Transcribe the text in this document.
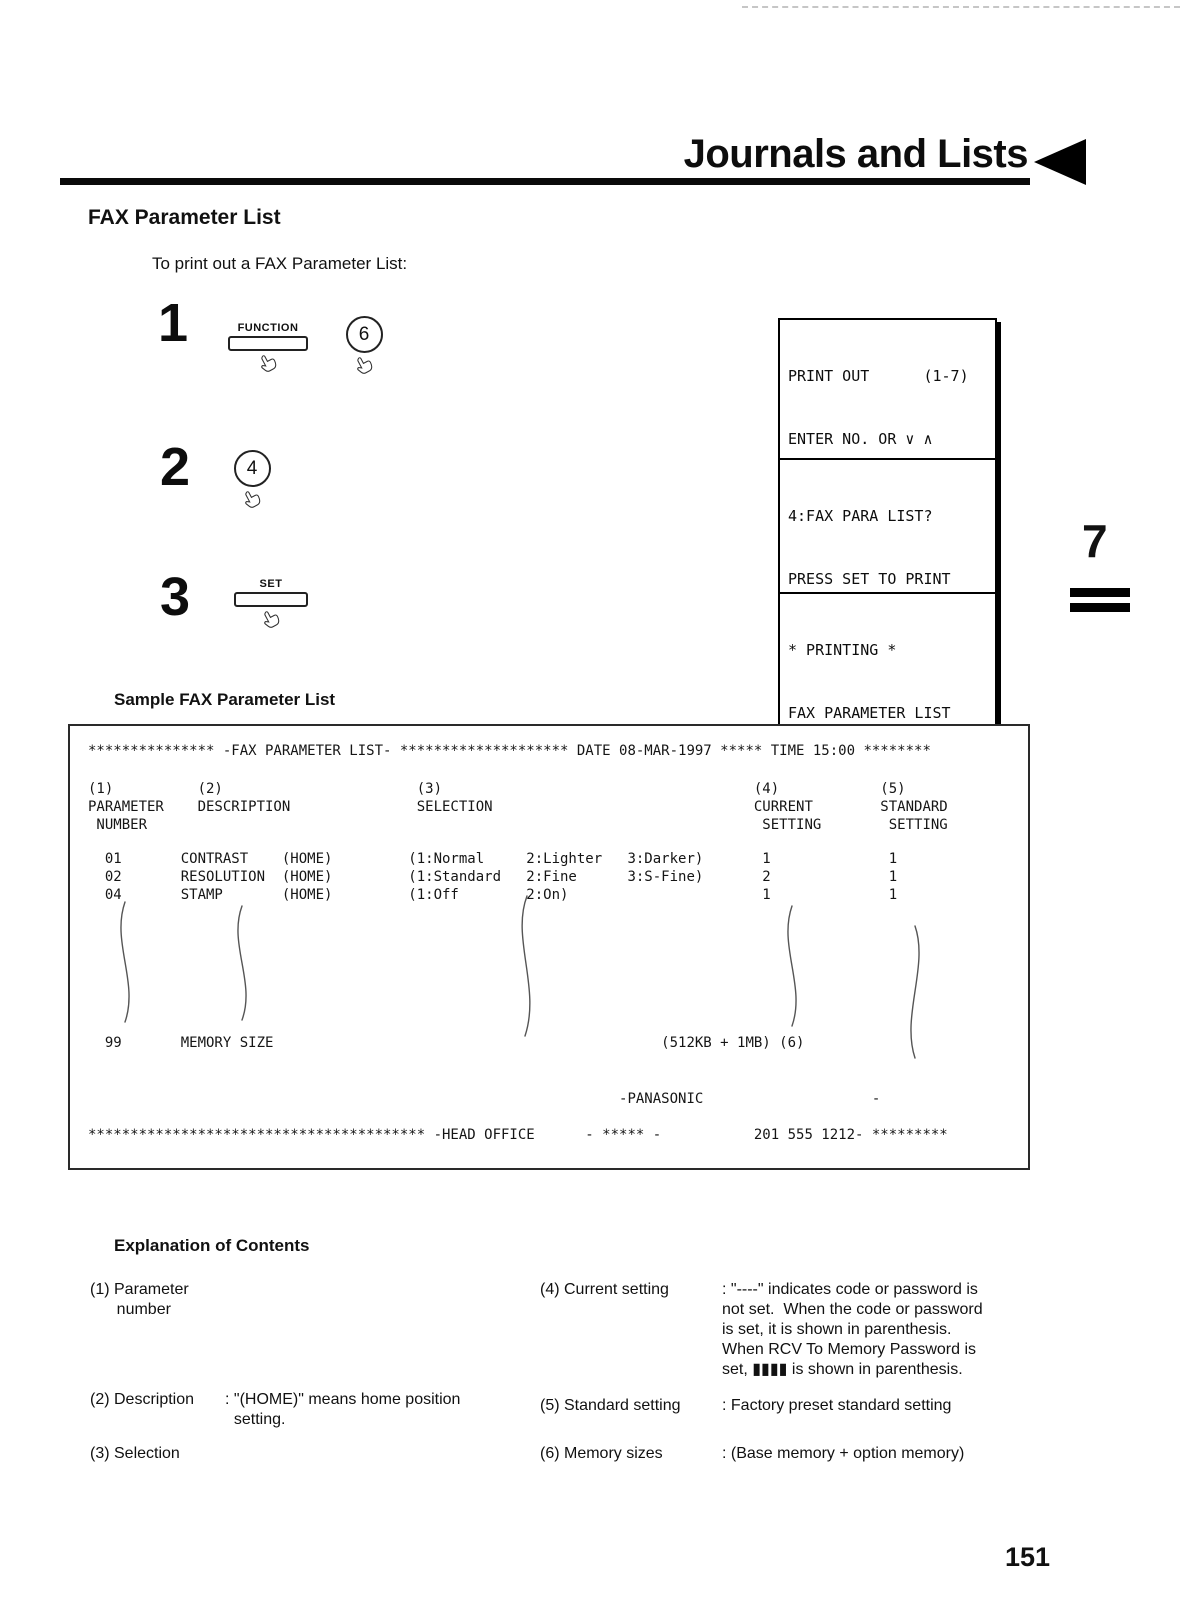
Journals and Lists
FAX Parameter List
To print out a FAX Parameter List:
1	FUNCTION	6

PRINT OUT      (1-7)

ENTER NO. OR ∨ ∧

2	4

4:FAX PARA LIST?

PRESS SET TO PRINT

3	SET

* PRINTING *

FAX PARAMETER LIST

7
Sample FAX Parameter List
*************** -FAX PARAMETER LIST- ******************** DATE 08-MAR-1997 ***** TIME 15:00 ********
(1)          (2)                       (3)                                     (4)            (5)
PARAMETER    DESCRIPTION               SELECTION                               CURRENT        STANDARD
NUMBER                                                                         SETTING        SETTING
01       CONTRAST    (HOME)         (1:Normal     2:Lighter   3:Darker)       1              1
02       RESOLUTION  (HOME)         (1:Standard   2:Fine      3:S-Fine)       2              1
04       STAMP       (HOME)         (1:Off        2:On)                       1              1
99       MEMORY SIZE                                              (512KB + 1MB) (6)
-PANASONIC                    -
**************************************** -HEAD OFFICE      - ***** -           201 555 1212- *********
Explanation of Contents
(1) Parameter
number
(2) Description	: "(HOME)" means home position
setting.
(3) Selection
(4) Current setting	: "----" indicates code or password is
not set.  When the code or password
is set, it is shown in parenthesis.
When RCV To Memory Password is
set, ▮▮▮▮ is shown in parenthesis.
(5) Standard setting	: Factory preset standard setting
(6) Memory sizes	: (Base memory + option memory)
151
